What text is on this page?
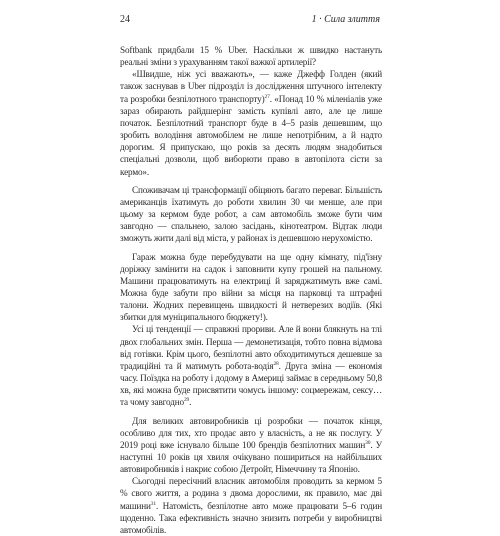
24	1 · Сила злиття

Softbank придбали 15 % Uber. Наскільки ж швидко настануть реальні зміни з урахуванням такої важкої артилерії?

«Швидше, ніж усі вважають», — каже Джефф Голден (який також заснував в Uber підрозділ із дослідження штучного інтелекту та розробки безпілотного транспорту)$^{27}$. «Понад 10 % міленіалів уже зараз обирають райдшерінг замість купівлі авто, але це лише початок. Безпілотний транспорт буде в 4–5 разів дешевшим, що зробить володіння автомобілем не лише непотрібним, а й надто дорогим. Я припускаю, що років за десять людям знадобиться спеціальні дозволи, щоб виборюти право в автопілота сісти за кермо».

Споживачам ці трансформації обіцяють багато переваг. Більшість американців їхатимуть до роботи хвилин 30 чи менше, але при цьому за кермом буде робот, а сам автомобіль зможе бути чим завгодно — спальнею, залою засідань, кінотеатром. Відтак люди зможуть жити далі від міста, у районах із дешевшою нерухомістю.

Гараж можна буде перебудувати на ще одну кімнату, під'їзну доріжку замінити на садок і заповнити купу грошей на пальному. Машини працюватимуть на електриці й заряджатимуть вже самі. Можна буде забути про війни за місця на парковці та штрафні талони. Жодних перевищень швидкості й нетверезих водіїв. (Які збитки для муніципального бюджету!).

Усі ці тенденції — справжні прориви. Але й вони блякнуть на тлі двох глобальних змін. Перша — демонетизація, тобто повна відмова від готівки. Крім цього, безпілотні авто обходитимуться дешевше за традиційні та й матимуть робота-водія$^{28}$. Друга зміна — економія часу. Поїздка на роботу і додому в Америці займає в середньому 50,8 хв, які можна буде присвятити чомусь іншому: соцмережам, сексу… та чому завгодно$^{29}$.

Для великих автовиробників ці розробки — початок кінця, особливо для тих, хто продає авто у власність, а не як послугу. У 2019 році вже існувало більше 100 брендів безпілотних машин$^{30}$. У наступні 10 років ця хвиля очікувано пошириться на найбільших автовиробників і накриє собою Детройт, Німеччину та Японію.

Сьогодні пересічний власник автомобіля проводить за кермом 5 % свого життя, а родина з двома дорослими, як правило, має дві машини$^{31}$. Натомість, безпілотне авто може працювати 5–6 годин щоденно. Така ефективність значно знизить потреби у виробництві автомобілів.
